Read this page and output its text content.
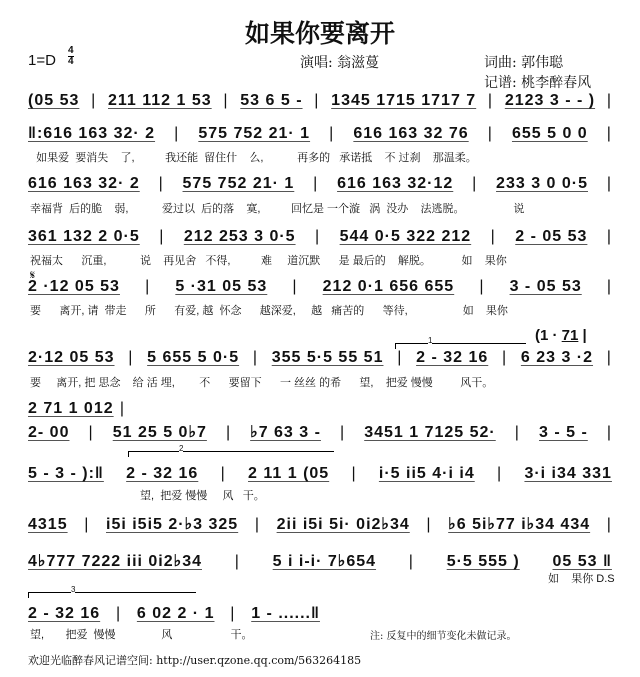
如果你要离开
1=D
4
4	演唱: 翁滋蔓	词曲: 郭伟聪
记谱: 桃李醉春风
1
2
3
𝄋
(1 · 71 |
(05 53 | 211 112 1 53 | 53 6 5 - | 1345 1715 1717 7 | 2123 3 - - ) |
‖:616 163 32· 2 | 575 752 21· 1 | 616 163 32 76 | 655 5 0 0 |
如果爱  要消失    了,          我还能  留住什    么,           再多的   承诺抵    不 过刹    那温柔。
616 163 32· 2 | 575 752 21· 1 | 616 163 32·12 | 233 3 0 0·5 |
幸福背  后的脆    弱,           爱过以  后的落    寞,          回忆是 一个漩   涡  没办    法逃脱。                说
361 132 2 0·5 | 212 253 3 0·5 | 544 0·5 322 212 | 2 - 05 53 |
祝福太      沉重,           说    再见舍   不得,          难     道沉默      是 最后的    解脱。          如    果你
2 ·12 05 53 | 5 ·31 05 53 | 212 0·1 656 655 | 3 - 05 53 |
要      离开, 请  带走      所      有爱, 越  怀念      越深爱,     越   痛苦的      等待,                  如    果你
2·12 05 53 | 5 655 5 0·5 | 355 5·5 55 51 | 2 - 32 16 | 6 23 3 ·2 |
要     离开, 把 思念    给 活 埋,        不      要留下      一 丝丝 的希      望,    把爱 慢慢         风干。
2 71 1 012 |
2- 00 | 51 25 5 0♭7 | ♭7 63 3 - | 3451 1 7125 52· | 3 - 5 - |
5 - 3 - ):‖ 2 - 32 16 | 2 11 1 (05 | i·5 ii5 4·i i4 | 3·i i34 331
望,  把爱 慢慢     风   干。
4315 | i5i i5i5 2·♭3 325 | 2ii i5i 5i· 0i2♭34 | ♭6 5i♭77 i♭34 434 |
4♭777 7222 iii 0i2♭34 | 5 i i-i· 7♭654 | 5·5 555 ) 05 53 ‖
如    果你 D.S
2 - 32 16 | 6 02 2 · 1 | 1 - ......‖
望,       把爱  慢慢               风                   干。	注: 反复中的细节变化未做记录。
欢迎光临醉春风记谱空间: http://user.qzone.qq.com/563264185
